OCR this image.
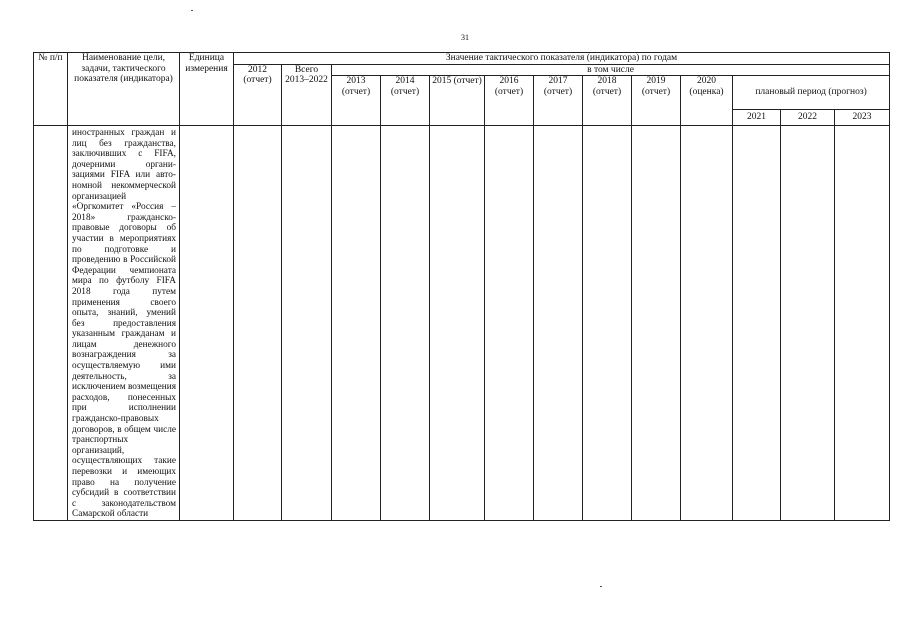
31
№ п/п	Наименование цели, задачи, тактического показателя (индикатора)	Единица измерения	Значение тактического показателя (индикатора) по годам												
			2012 (отчет)	Всего 2013–2022	в том числе										
					2013 (отчет)	2014 (отчет)	2015 (отчет)	2016 (отчет)	2017 (отчет)	2018 (отчет)	2019 (отчет)	2020 (оценка)	плановый период (прогноз)		
													2021	2022	2023
	иностранных граждан и лиц без гражданства, заключивших с FIFA, дочерними организациями FIFA или автономной некоммерческой организацией «Оргкомитет «Россия – 2018» гражданско-правовые договоры об участии в мероприятиях по подготовке и проведению в Российской Федерации чемпионата мира по футболу FIFA 2018 года путем применения своего опыта, знаний, умений без предоставления указанным гражданам и лицам денежного вознаграждения за осуществляемую ими деятельность, за исключением возмещения расходов, понесенных при исполнении гражданско-правовых договоров, в общем числе транспортных организаций, осуществляющих такие перевозки и имеющих право на получение субсидий в соответствии с законодательством Самарской области														
